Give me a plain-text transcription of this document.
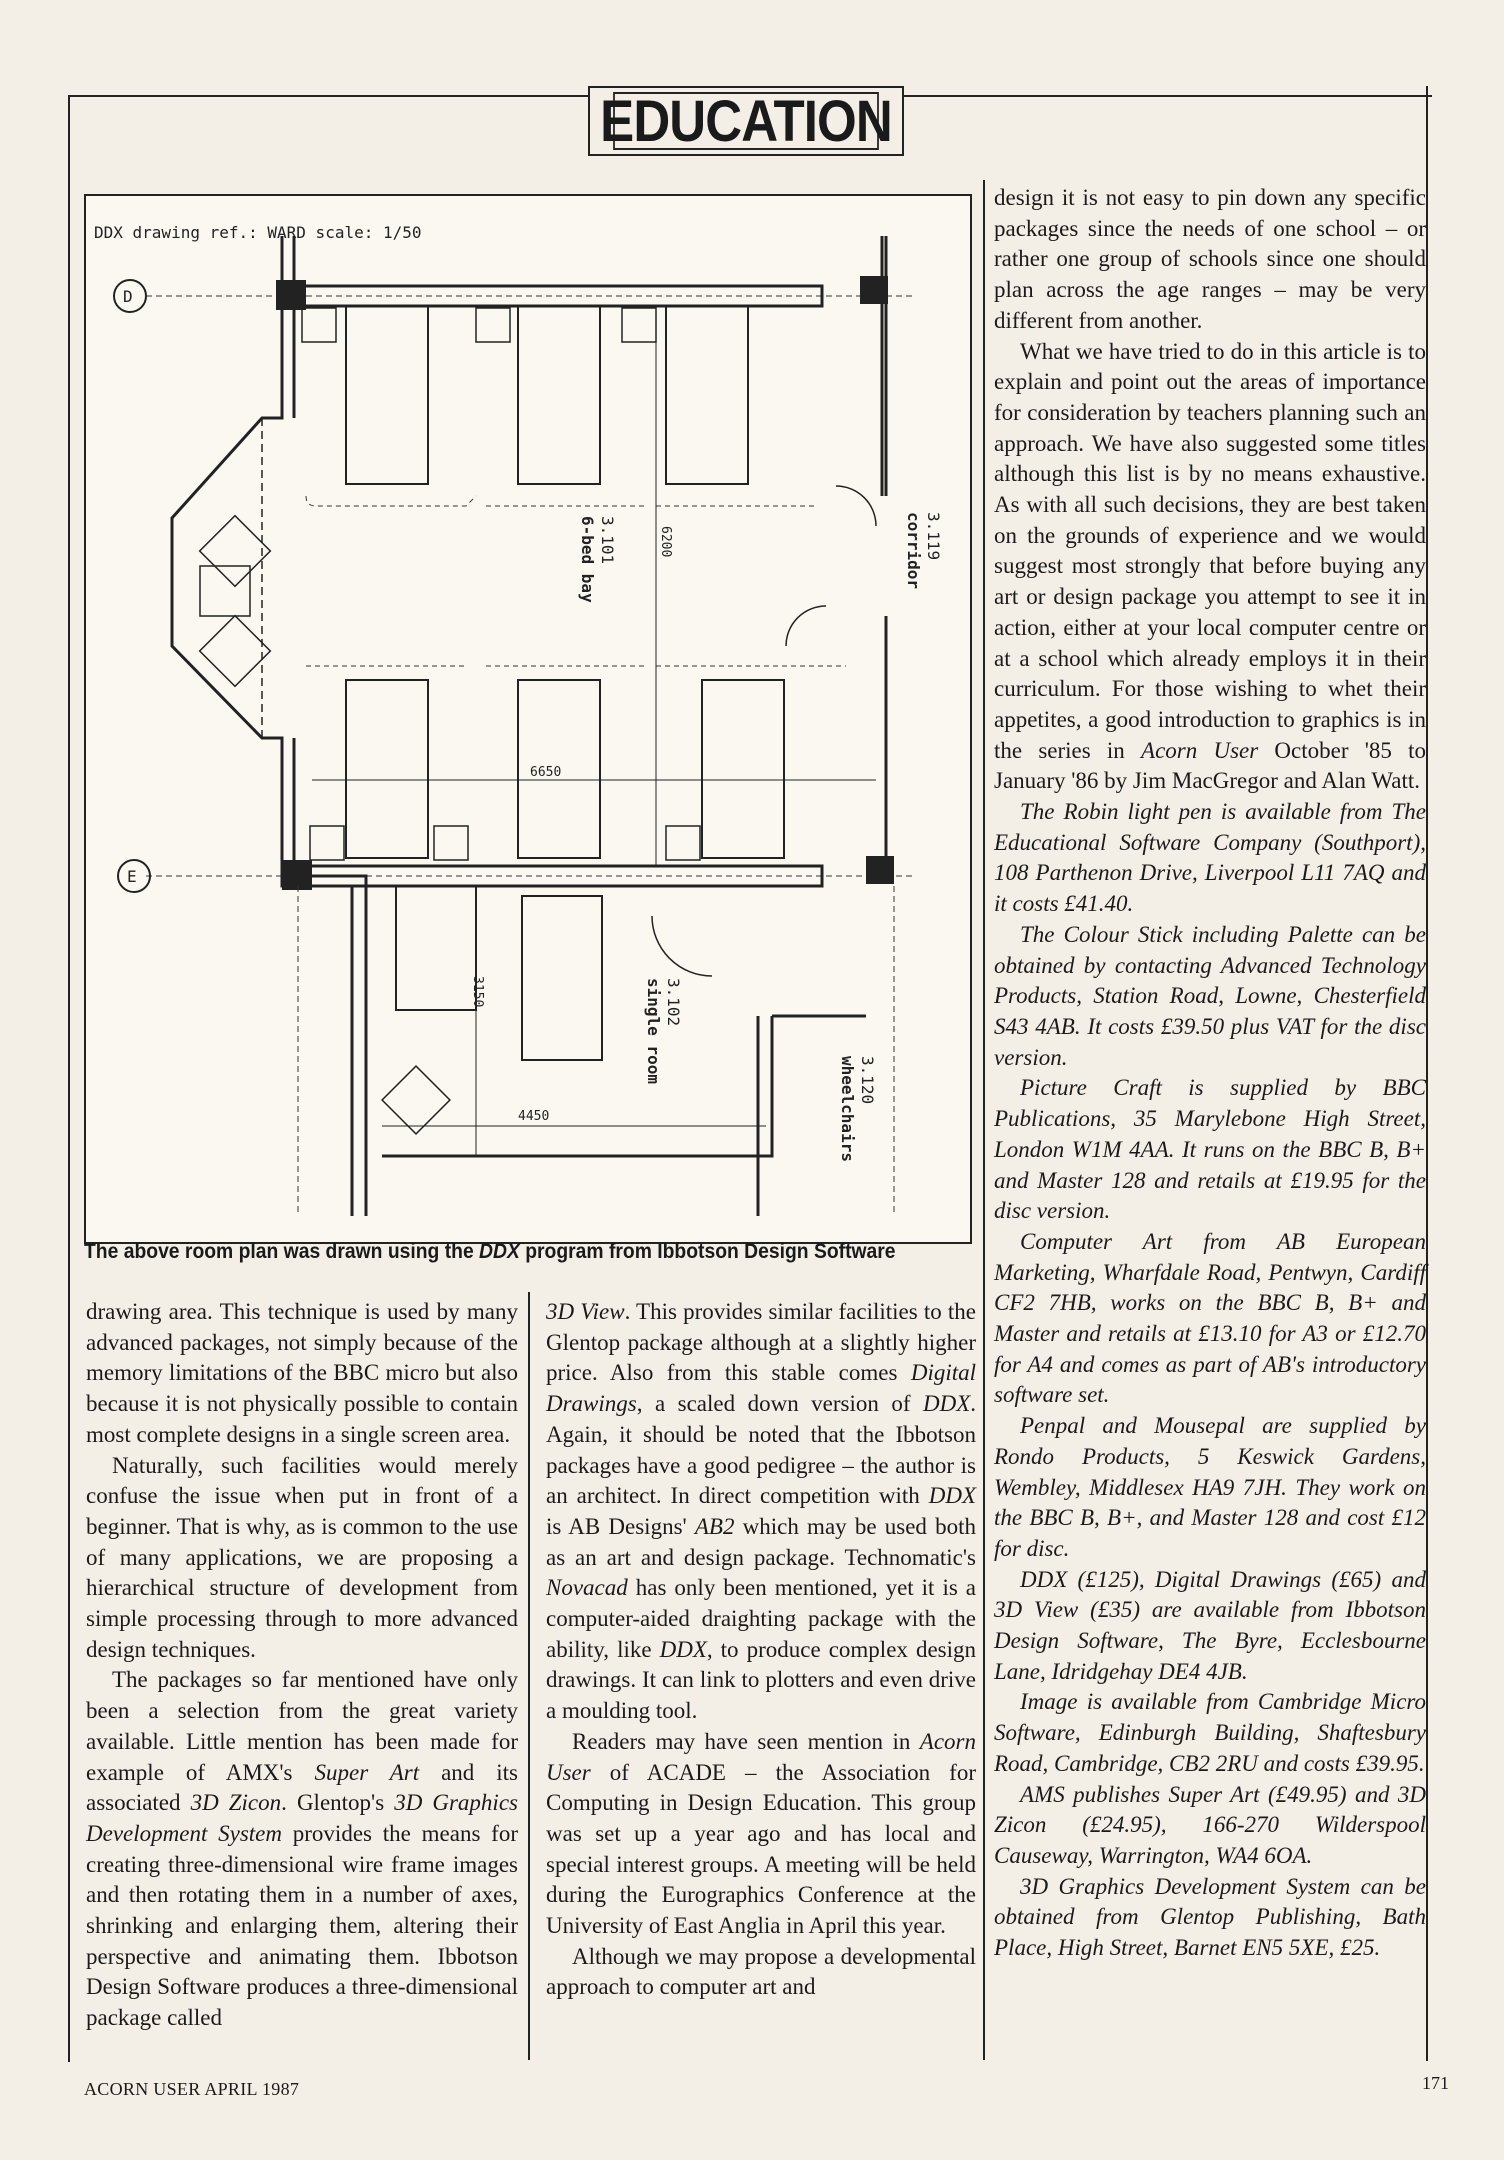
EDUCATION
DDX drawing ref.: WARD scale: 1/50
D
E
6650
6200
3.101
6-bed bay	3.119
corridor
3150
4450
3.102
single room	3.120
wheelchairs
The above room plan was drawn using the DDX program from Ibbotson Design Software

drawing area. This technique is used by many advanced packages, not simply because of the memory limitations of the BBC micro but also because it is not physically possible to contain most complete designs in a single screen area.

Naturally, such facilities would merely confuse the issue when put in front of a beginner. That is why, as is common to the use of many applications, we are proposing a hierarchical structure of development from simple processing through to more advanced design techniques.

The packages so far mentioned have only been a selection from the great variety available. Little mention has been made for example of AMX's Super Art and its associated 3D Zicon. Glentop's 3D Graphics Development System provides the means for creating three-dimensional wire frame images and then rotating them in a number of axes, shrinking and enlarging them, altering their perspective and animating them. Ibbotson Design Software produces a three-dimensional package called

3D View. This provides similar facilities to the Glentop package although at a slightly higher price. Also from this stable comes Digital Drawings, a scaled down version of DDX. Again, it should be noted that the Ibbotson packages have a good pedigree – the author is an architect. In direct competition with DDX is AB Designs' AB2 which may be used both as an art and design package. Technomatic's Novacad has only been mentioned, yet it is a computer-aided draighting package with the ability, like DDX, to produce complex design drawings. It can link to plotters and even drive a moulding tool.

Readers may have seen mention in Acorn User of ACADE – the Association for Computing in Design Education. This group was set up a year ago and has local and special interest groups. A meeting will be held during the Eurographics Conference at the University of East Anglia in April this year.

Although we may propose a developmental approach to computer art and

design it is not easy to pin down any specific packages since the needs of one school – or rather one group of schools since one should plan across the age ranges – may be very different from another.

What we have tried to do in this article is to explain and point out the areas of importance for consideration by teachers planning such an approach. We have also suggested some titles although this list is by no means exhaustive. As with all such decisions, they are best taken on the grounds of experience and we would suggest most strongly that before buying any art or design package you attempt to see it in action, either at your local computer centre or at a school which already employs it in their curriculum. For those wishing to whet their appetites, a good introduction to graphics is in the series in Acorn User October '85 to January '86 by Jim MacGregor and Alan Watt.

The Robin light pen is available from The Educational Software Company (Southport), 108 Parthenon Drive, Liverpool L11 7AQ and it costs £41.40.

The Colour Stick including Palette can be obtained by contacting Advanced Technology Products, Station Road, Lowne, Chesterfield S43 4AB. It costs £39.50 plus VAT for the disc version.

Picture Craft is supplied by BBC Publications, 35 Marylebone High Street, London W1M 4AA. It runs on the BBC B, B+ and Master 128 and retails at £19.95 for the disc version.

Computer Art from AB European Marketing, Wharfdale Road, Pentwyn, Cardiff CF2 7HB, works on the BBC B, B+ and Master and retails at £13.10 for A3 or £12.70 for A4 and comes as part of AB's introductory software set.

Penpal and Mousepal are supplied by Rondo Products, 5 Keswick Gardens, Wembley, Middlesex HA9 7JH. They work on the BBC B, B+, and Master 128 and cost £12 for disc.

DDX (£125), Digital Drawings (£65) and 3D View (£35) are available from Ibbotson Design Software, The Byre, Ecclesbourne Lane, Idridgehay DE4 4JB.

Image is available from Cambridge Micro Software, Edinburgh Building, Shaftesbury Road, Cambridge, CB2 2RU and costs £39.95.

AMS publishes Super Art (£49.95) and 3D Zicon (£24.95), 166-270 Wilderspool Causeway, Warrington, WA4 6OA.

3D Graphics Development System can be obtained from Glentop Publishing, Bath Place, High Street, Barnet EN5 5XE, £25.

ACORN USER APRIL 1987	171
